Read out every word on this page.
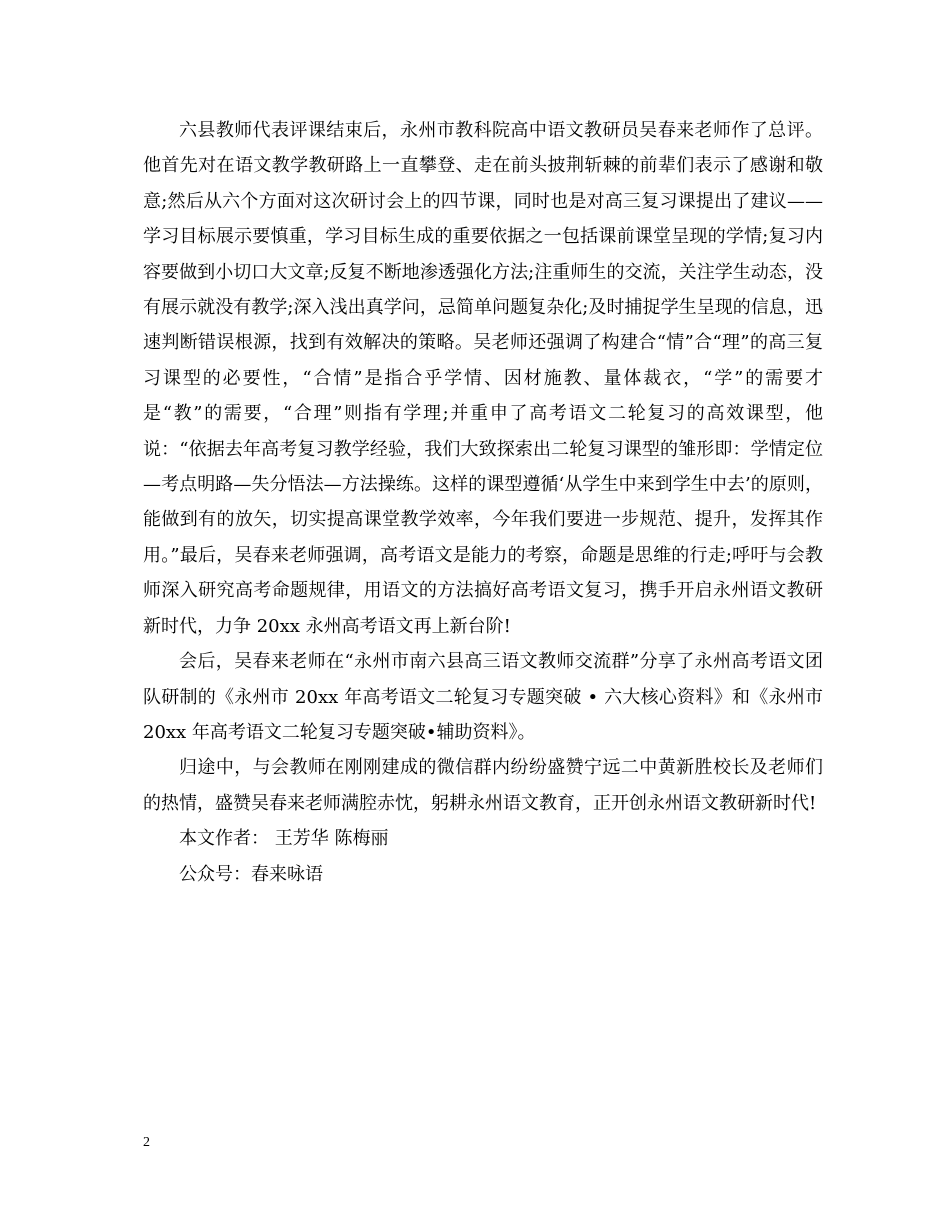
六县教师代表评课结束后，永州市教科院高中语文教研员吴春来老师作了总评。他首先对在语文教学教研路上一直攀登、走在前头披荆斩棘的前辈们表示了感谢和敬意;然后从六个方面对这次研讨会上的四节课，同时也是对高三复习课提出了建议——学习目标展示要慎重，学习目标生成的重要依据之一包括课前课堂呈现的学情;复习内容要做到小切口大文章;反复不断地渗透强化方法;注重师生的交流，关注学生动态，没有展示就没有教学;深入浅出真学问，忌简单问题复杂化;及时捕捉学生呈现的信息，迅速判断错误根源，找到有效解决的策略。吴老师还强调了构建合“情”合“理”的高三复习课型的必要性，“合情”是指合乎学情、因材施教、量体裁衣，“学”的需要才是“教”的需要，“合理”则指有学理;并重申了高考语文二轮复习的高效课型，他说：“依据去年高考复习教学经验，我们大致探索出二轮复习课型的雏形即：学情定位—考点明路—失分悟法—方法操练。这样的课型遵循‘从学生中来到学生中去’的原则，能做到有的放矢，切实提高课堂教学效率，今年我们要进一步规范、提升，发挥其作用。”最后，吴春来老师强调，高考语文是能力的考察，命题是思维的行走;呼吁与会教师深入研究高考命题规律，用语文的方法搞好高考语文复习，携手开启永州语文教研新时代，力争 20xx 永州高考语文再上新台阶!

会后，吴春来老师在“永州市南六县高三语文教师交流群”分享了永州高考语文团队研制的《永州市 20xx 年高考语文二轮复习专题突破 • 六大核心资料》和《永州市 20xx 年高考语文二轮复习专题突破•辅助资料》。

归途中，与会教师在刚刚建成的微信群内纷纷盛赞宁远二中黄新胜校长及老师们的热情，盛赞吴春来老师满腔赤忱，躬耕永州语文教育，正开创永州语文教研新时代!

本文作者： 王芳华 陈梅丽

公众号：春来咏语

2
